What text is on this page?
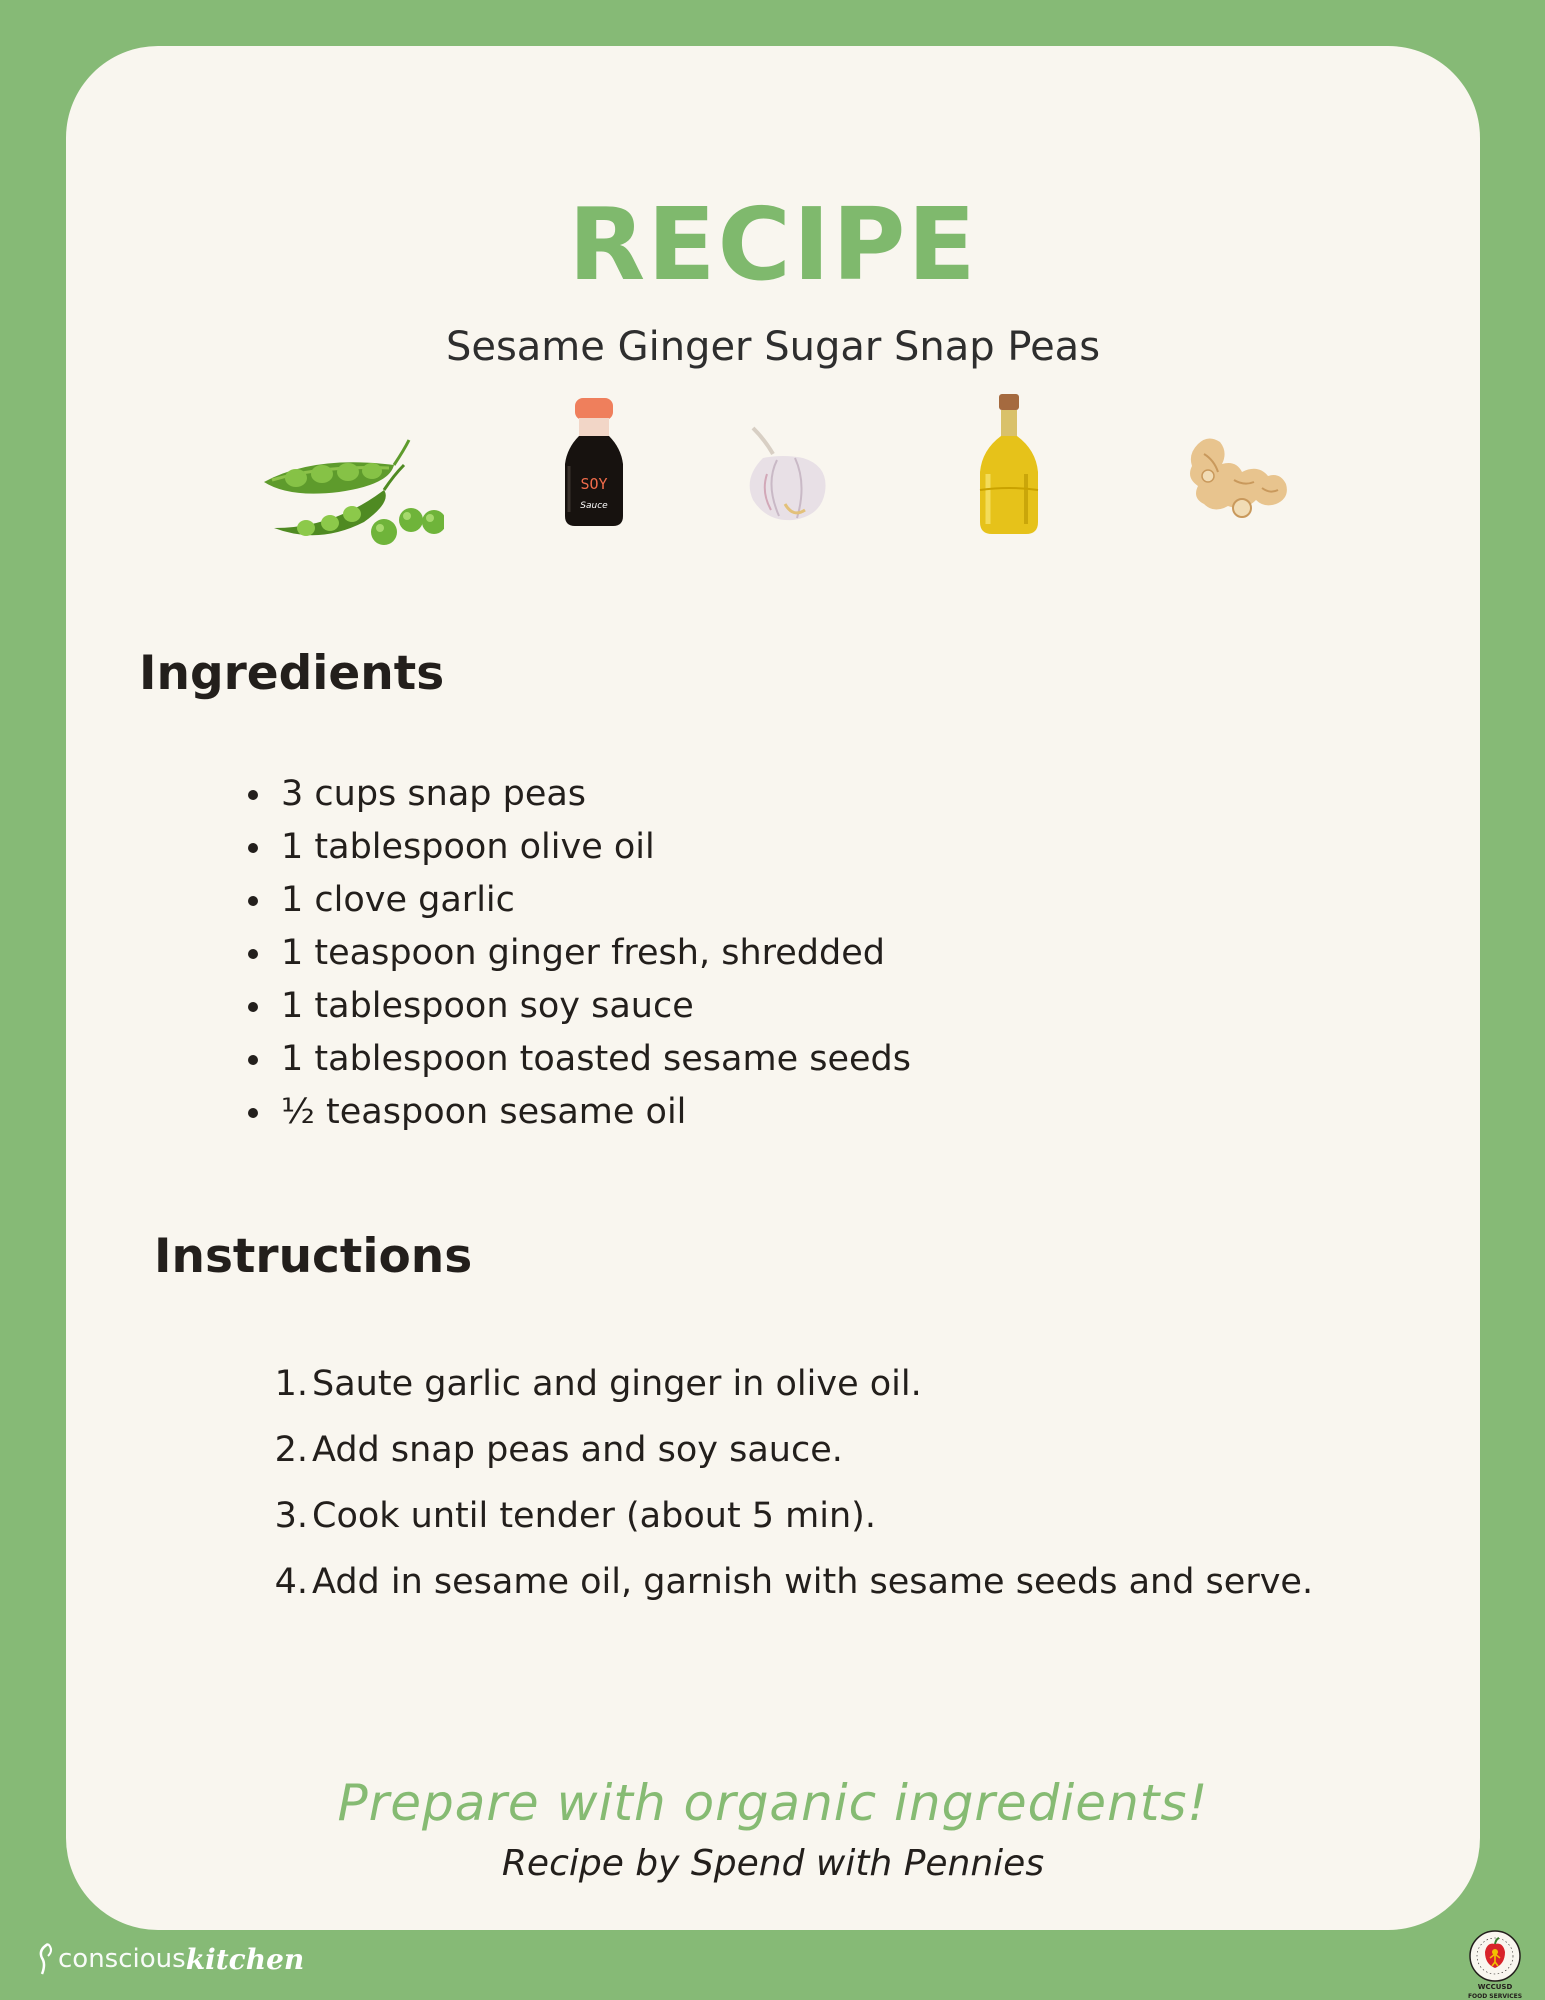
RECIPE
Sesame Ginger Sugar Snap Peas
SOY
Sauce
Ingredients
3 cups snap peas
1 tablespoon olive oil
1 clove garlic
1 teaspoon ginger fresh, shredded
1 tablespoon soy sauce
1 tablespoon toasted sesame seeds
½ teaspoon sesame oil
Instructions
1. Saute garlic and ginger in olive oil.
2. Add snap peas and soy sauce.
3. Cook until tender (about 5 min).
4. Add in sesame oil, garnish with sesame seeds and serve.
Prepare with organic ingredients!
Recipe by Spend with Pennies
conscious kitchen
WCCUSD
FOOD SERVICES
